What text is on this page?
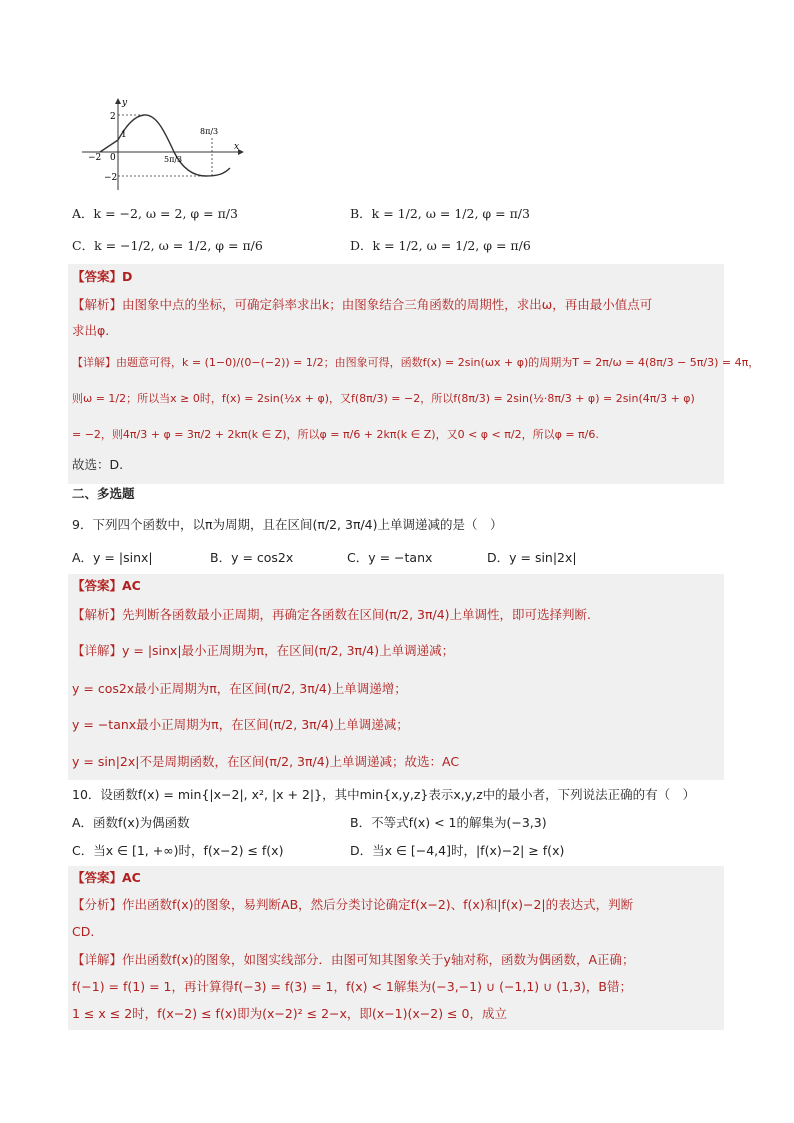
y
x
−2 0
1
2
−2
5π/3
8π/3
A．k = −2, ω = 2, φ = π/3	B．k = 1/2, ω = 1/2, φ = π/3
C．k = −1/2, ω = 1/2, φ = π/6	D．k = 1/2, ω = 1/2, φ = π/6
【答案】D
【解析】由图象中点的坐标，可确定斜率求出k；由图象结合三角函数的周期性，求出ω，再由最小值点可
求出φ.
【详解】由题意可得，k = (1−0)/(0−(−2)) = 1/2；由图象可得，函数f(x) = 2sin(ωx + φ)的周期为T = 2π/ω = 4(8π/3 − 5π/3) = 4π，
则ω = 1/2；所以当x ≥ 0时，f(x) = 2sin(½x + φ)，又f(8π/3) = −2，所以f(8π/3) = 2sin(½·8π/3 + φ) = 2sin(4π/3 + φ)
= −2，则4π/3 + φ = 3π/2 + 2kπ(k ∈ Z)，所以φ = π/6 + 2kπ(k ∈ Z)，又0 < φ < π/2，所以φ = π/6.
故选：D.
二、多选题
9．下列四个函数中，以π为周期，且在区间(π/2, 3π/4)上单调递减的是（　）
A．y = |sinx|	B．y = cos2x	C．y = −tanx	D．y = sin|2x|
【答案】AC
【解析】先判断各函数最小正周期，再确定各函数在区间(π/2, 3π/4)上单调性，即可选择判断.
【详解】y = |sinx|最小正周期为π，在区间(π/2, 3π/4)上单调递减；
y = cos2x最小正周期为π，在区间(π/2, 3π/4)上单调递增；
y = −tanx最小正周期为π，在区间(π/2, 3π/4)上单调递减；
y = sin|2x|不是周期函数，在区间(π/2, 3π/4)上单调递减；故选：AC
10．设函数f(x) = min{|x−2|, x², |x + 2|}，其中min{x,y,z}表示x,y,z中的最小者，下列说法正确的有（　）
A．函数f(x)为偶函数	B．不等式f(x) < 1的解集为(−3,3)
C．当x ∈ [1, +∞)时，f(x−2) ≤ f(x)	D．当x ∈ [−4,4]时，|f(x)−2| ≥ f(x)
【答案】AC
【分析】作出函数f(x)的图象，易判断AB，然后分类讨论确定f(x−2)、f(x)和|f(x)−2|的表达式，判断
CD.
【详解】作出函数f(x)的图象，如图实线部分．由图可知其图象关于y轴对称，函数为偶函数，A正确；
f(−1) = f(1) = 1，再计算得f(−3) = f(3) = 1，f(x) < 1解集为(−3,−1) ∪ (−1,1) ∪ (1,3)，B错；
1 ≤ x ≤ 2时，f(x−2) ≤ f(x)即为(x−2)² ≤ 2−x，即(x−1)(x−2) ≤ 0，成立
